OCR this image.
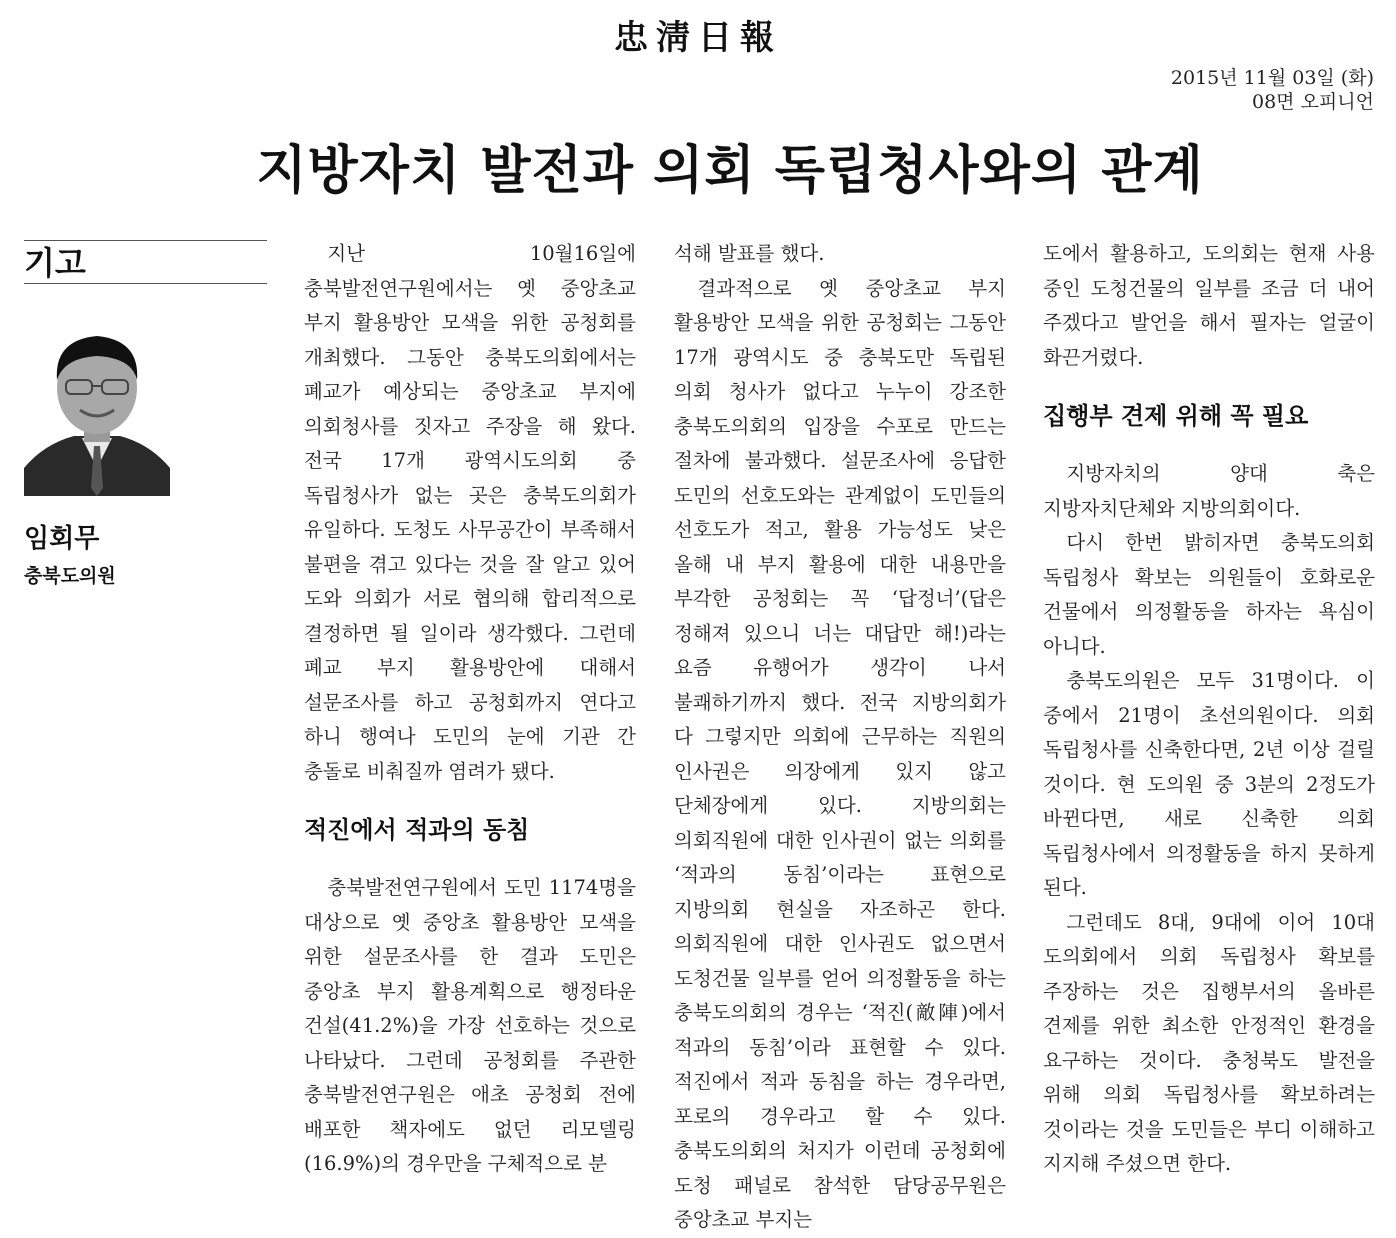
忠淸日報
2015년 11월 03일 (화)
08면 오피니언
지방자치 발전과 의회 독립청사와의 관계
기고
임회무
충북도의원

지난 10월16일에 충북발전연구원에서는 옛 중앙초교 부지 활용방안 모색을 위한 공청회를 개최했다. 그동안 충북도의회에서는 폐교가 예상되는 중앙초교 부지에 의회청사를 짓자고 주장을 해 왔다. 전국 17개 광역시도의회 중 독립청사가 없는 곳은 충북도의회가 유일하다. 도청도 사무공간이 부족해서 불편을 겪고 있다는 것을 잘 알고 있어 도와 의회가 서로 협의해 합리적으로 결정하면 될 일이라 생각했다. 그런데 폐교 부지 활용방안에 대해서 설문조사를 하고 공청회까지 연다고 하니 행여나 도민의 눈에 기관 간 충돌로 비춰질까 염려가 됐다.

적진에서 적과의 동침

충북발전연구원에서 도민 1174명을 대상으로 옛 중앙초 활용방안 모색을 위한 설문조사를 한 결과 도민은 중앙초 부지 활용계획으로 행정타운 건설(41.2%)을 가장 선호하는 것으로 나타났다. 그런데 공청회를 주관한 충북발전연구원은 애초 공청회 전에 배포한 책자에도 없던 리모델링(16.9%)의 경우만을 구체적으로 분

석해 발표를 했다.

결과적으로 옛 중앙초교 부지 활용방안 모색을 위한 공청회는 그동안 17개 광역시도 중 충북도만 독립된 의회 청사가 없다고 누누이 강조한 충북도의회의 입장을 수포로 만드는 절차에 불과했다. 설문조사에 응답한 도민의 선호도와는 관계없이 도민들의 선호도가 적고, 활용 가능성도 낮은 올해 내 부지 활용에 대한 내용만을 부각한 공청회는 꼭 ‘답정너’(답은 정해져 있으니 너는 대답만 해!)라는 요즘 유행어가 생각이 나서 불쾌하기까지 했다. 전국 지방의회가 다 그렇지만 의회에 근무하는 직원의 인사권은 의장에게 있지 않고 단체장에게 있다. 지방의회는 의회직원에 대한 인사권이 없는 의회를 ‘적과의 동침’이라는 표현으로 지방의회 현실을 자조하곤 한다. 의회직원에 대한 인사권도 없으면서 도청건물 일부를 얻어 의정활동을 하는 충북도의회의 경우는 ‘적진(敵陣)에서 적과의 동침’이라 표현할 수 있다. 적진에서 적과 동침을 하는 경우라면, 포로의 경우라고 할 수 있다. 충북도의회의 처지가 이런데 공청회에 도청 패널로 참석한 담당공무원은 중앙초교 부지는

도에서 활용하고, 도의회는 현재 사용 중인 도청건물의 일부를 조금 더 내어 주겠다고 발언을 해서 필자는 얼굴이 화끈거렸다.

집행부 견제 위해 꼭 필요

지방자치의 양대 축은 지방자치단체와 지방의회이다.

다시 한번 밝히자면 충북도의회 독립청사 확보는 의원들이 호화로운 건물에서 의정활동을 하자는 욕심이 아니다.

충북도의원은 모두 31명이다. 이 중에서 21명이 초선의원이다. 의회 독립청사를 신축한다면, 2년 이상 걸릴 것이다. 현 도의원 중 3분의 2정도가 바뀐다면, 새로 신축한 의회 독립청사에서 의정활동을 하지 못하게 된다.

그런데도 8대, 9대에 이어 10대 도의회에서 의회 독립청사 확보를 주장하는 것은 집행부서의 올바른 견제를 위한 최소한 안정적인 환경을 요구하는 것이다. 충청북도 발전을 위해 의회 독립청사를 확보하려는 것이라는 것을 도민들은 부디 이해하고 지지해 주셨으면 한다.
